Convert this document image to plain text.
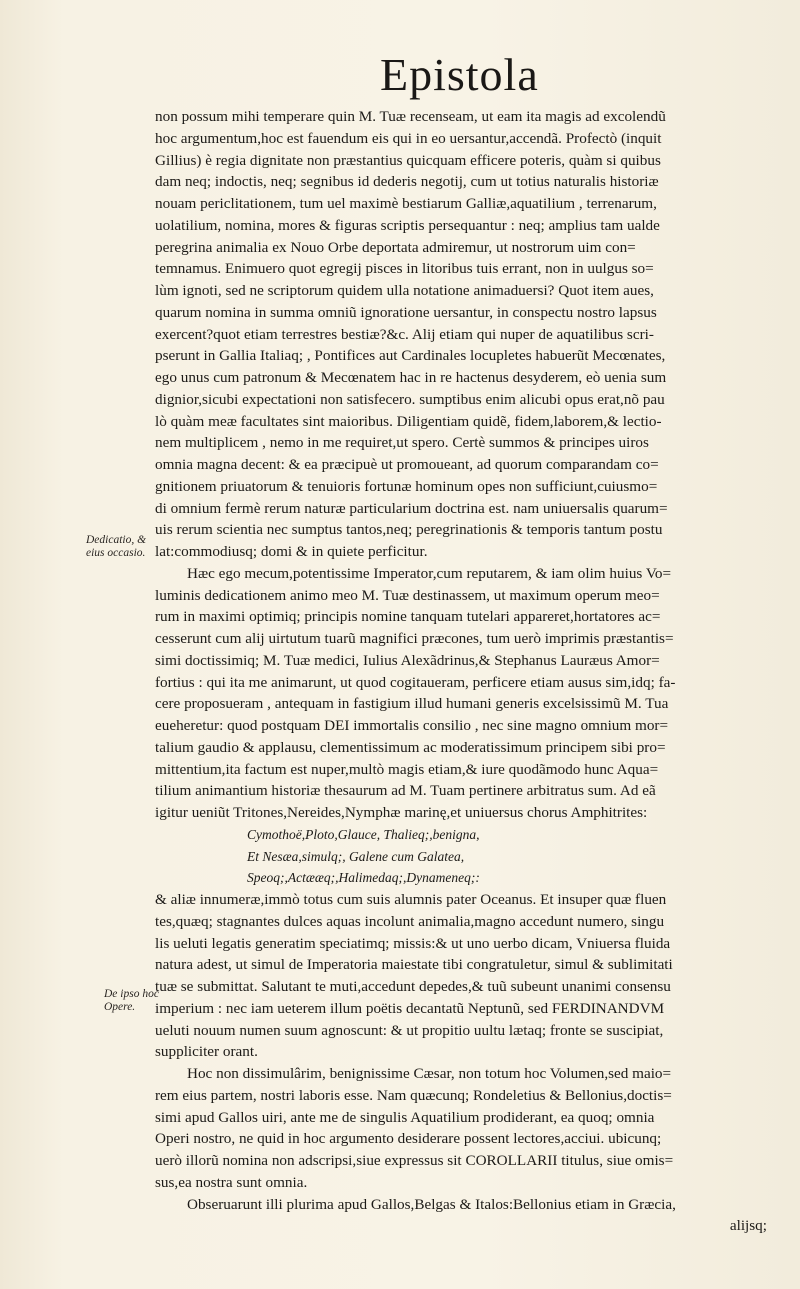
Epistola
Dedicatio, & eius occasio.
De ipso hoc Opere.
non possum mihi temperare quin M. Tuæ recenseam, ut eam ita magis ad excolendũ
hoc argumentum,hoc est fauendum eis qui in eo uersantur,accendã. Profectò (inquit
Gillius) è regia dignitate non præstantius quicquam efficere poteris, quàm si quibus
dam neq; indoctis, neq; segnibus id dederis negotij, cum ut totius naturalis historiæ
nouam periclitationem, tum uel maximè bestiarum Galliæ,aquatilium , terrenarum,
uolatilium, nomina, mores & figuras scriptis persequantur : neq; amplius tam ualde
peregrina animalia ex Nouo Orbe deportata admiremur, ut nostrorum uim con=
temnamus. Enimuero quot egregij pisces in litoribus tuis errant, non in uulgus so=
lùm ignoti, sed ne scriptorum quidem ulla notatione animaduersi? Quot item aues,
quarum nomina in summa omniũ ignoratione uersantur, in conspectu nostro lapsus
exercent?quot etiam terrestres bestiæ?&c. Alij etiam qui nuper de aquatilibus scri-
pserunt in Gallia Italiaq; , Pontifices aut Cardinales locupletes habuerũt Mecœnates,
ego unus cum patronum & Mecœnatem hac in re hactenus desyderem, eò uenia sum
dignior,sicubi expectationi non satisfecero. sumptibus enim alicubi opus erat,nõ pau
lò quàm meæ facultates sint maioribus. Diligentiam quidẽ, fidem,laborem,& lectio-
nem multiplicem , nemo in me requiret,ut spero. Certè summos & principes uiros
omnia magna decent: & ea præcipuè ut promoueant, ad quorum comparandam co=
gnitionem priuatorum & tenuioris fortunæ hominum opes non sufficiunt,cuiusmo=
di omnium fermè rerum naturæ particularium doctrina est. nam uniuersalis quarum=
uis rerum scientia nec sumptus tantos,neq; peregrinationis & temporis tantum postu
lat:commodiusq; domi & in quiete perficitur.
Hæc ego mecum,potentissime Imperator,cum reputarem, & iam olim huius Vo=
luminis dedicationem animo meo M. Tuæ destinassem, ut maximum operum meo=
rum in maximi optimiq; principis nomine tanquam tutelari appareret,hortatores ac=
cesserunt cum alij uirtutum tuarũ magnifici præcones, tum uerò imprimis præstantis=
simi doctissimiq; M. Tuæ medici, Iulius Alexãdrinus,& Stephanus Lauræus Amor=
fortius : qui ita me animarunt, ut quod cogitaueram, perficere etiam ausus sim,idq; fa-
cere proposueram , antequam in fastigium illud humani generis excelsissimũ M. Tua
eueheretur: quod postquam DEI immortalis consilio , nec sine magno omnium mor=
talium gaudio & applausu, clementissimum ac moderatissimum principem sibi pro=
mittentium,ita factum est nuper,multò magis etiam,& iure quodãmodo hunc Aqua=
tilium animantium historiæ thesaurum ad M. Tuam pertinere arbitratus sum. Ad eã
igitur ueniũt Tritones,Nereides,Nymphæ marinę,et uniuersus chorus Amphitrites:
Cymothoë,Ploto,Glauce, Thalieq;,benigna,
Et Nesæa,simulq;, Galene cum Galatea,
Speoq;,Actææq;,Halimedaq;,Dynameneq;:
& aliæ innumeræ,immò totus cum suis alumnis pater Oceanus. Et insuper quæ fluen
tes,quæq; stagnantes dulces aquas incolunt animalia,magno accedunt numero, singu
lis ueluti legatis generatim speciatimq; missis:& ut uno uerbo dicam, Vniuersa fluida
natura adest, ut simul de Imperatoria maiestate tibi congratuletur, simul & sublimitati
tuæ se submittat. Salutant te muti,accedunt depedes,& tuũ subeunt unanimi consensu
imperium : nec iam ueterem illum poëtis decantatũ Neptunũ, sed FERDINANDVM
ueluti nouum numen suum agnoscunt: & ut propitio uultu lætaq; fronte se suscipiat,
suppliciter orant.
Hoc non dissimulârim, benignissime Cæsar, non totum hoc Volumen,sed maio=
rem eius partem, nostri laboris esse. Nam quæcunq; Rondeletius & Bellonius,doctis=
simi apud Gallos uiri, ante me de singulis Aquatilium prodiderant, ea quoq; omnia
Operi nostro, ne quid in hoc argumento desiderare possent lectores,acciui. ubicunq;
uerò illorũ nomina non adscripsi,siue expressus sit COROLLARII titulus, siue omis=
sus,ea nostra sunt omnia.
Obseruarunt illi plurima apud Gallos,Belgas & Italos:Bellonius etiam in Græcia,
alijsq;
